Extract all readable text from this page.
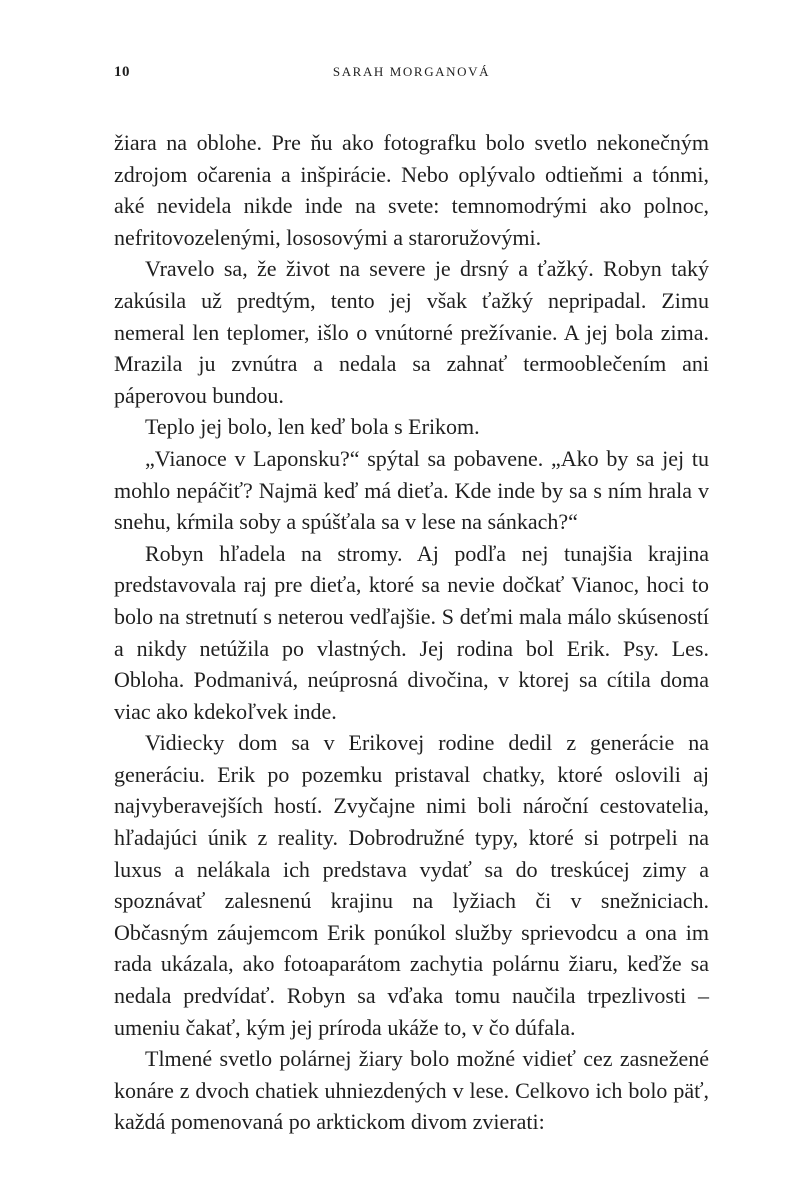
10	SARAH MORGANOVÁ

žiara na oblohe. Pre ňu ako fotografku bolo svetlo nekonečným zdrojom očarenia a inšpirácie. Nebo oplývalo odtieňmi a tónmi, aké nevidela nikde inde na svete: temnomodrými ako polnoc, nefritovozelenými, lososovými a staroružovými.

Vravelo sa, že život na severe je drsný a ťažký. Robyn taký zakúsila už predtým, tento jej však ťažký nepripadal. Zimu nemeral len teplomer, išlo o vnútorné prežívanie. A jej bola zima. Mrazila ju zvnútra a nedala sa zahnať termooblečením ani páperovou bundou.

Teplo jej bolo, len keď bola s Erikom.

„Vianoce v Laponsku?“ spýtal sa pobavene. „Ako by sa jej tu mohlo nepáčiť? Najmä keď má dieťa. Kde inde by sa s ním hrala v snehu, kŕmila soby a spúšťala sa v lese na sánkach?“

Robyn hľadela na stromy. Aj podľa nej tunajšia krajina predstavovala raj pre dieťa, ktoré sa nevie dočkať Vianoc, hoci to bolo na stretnutí s neterou vedľajšie. S deťmi mala málo skúseností a nikdy netúžila po vlastných. Jej rodina bol Erik. Psy. Les. Obloha. Podmanivá, neúprosná divočina, v ktorej sa cítila doma viac ako kdekoľvek inde.

Vidiecky dom sa v Erikovej rodine dedil z generácie na generáciu. Erik po pozemku pristaval chatky, ktoré oslovili aj najvyberavejších hostí. Zvyčajne nimi boli nároční cestovatelia, hľadajúci únik z reality. Dobrodružné typy, ktoré si potrpeli na luxus a nelákala ich predstava vydať sa do treskúcej zimy a spoznávať zalesnenú krajinu na lyžiach či v snežniciach. Občasným záujemcom Erik ponúkol služby sprievodcu a ona im rada ukázala, ako fotoaparátom zachytia polárnu žiaru, keďže sa nedala predvídať. Robyn sa vďaka tomu naučila trpezlivosti – umeniu čakať, kým jej príroda ukáže to, v čo dúfala.

Tlmené svetlo polárnej žiary bolo možné vidieť cez zasnežené konáre z dvoch chatiek uhniezdených v lese. Celkovo ich bolo päť, každá pomenovaná po arktickom divom zvierati:
